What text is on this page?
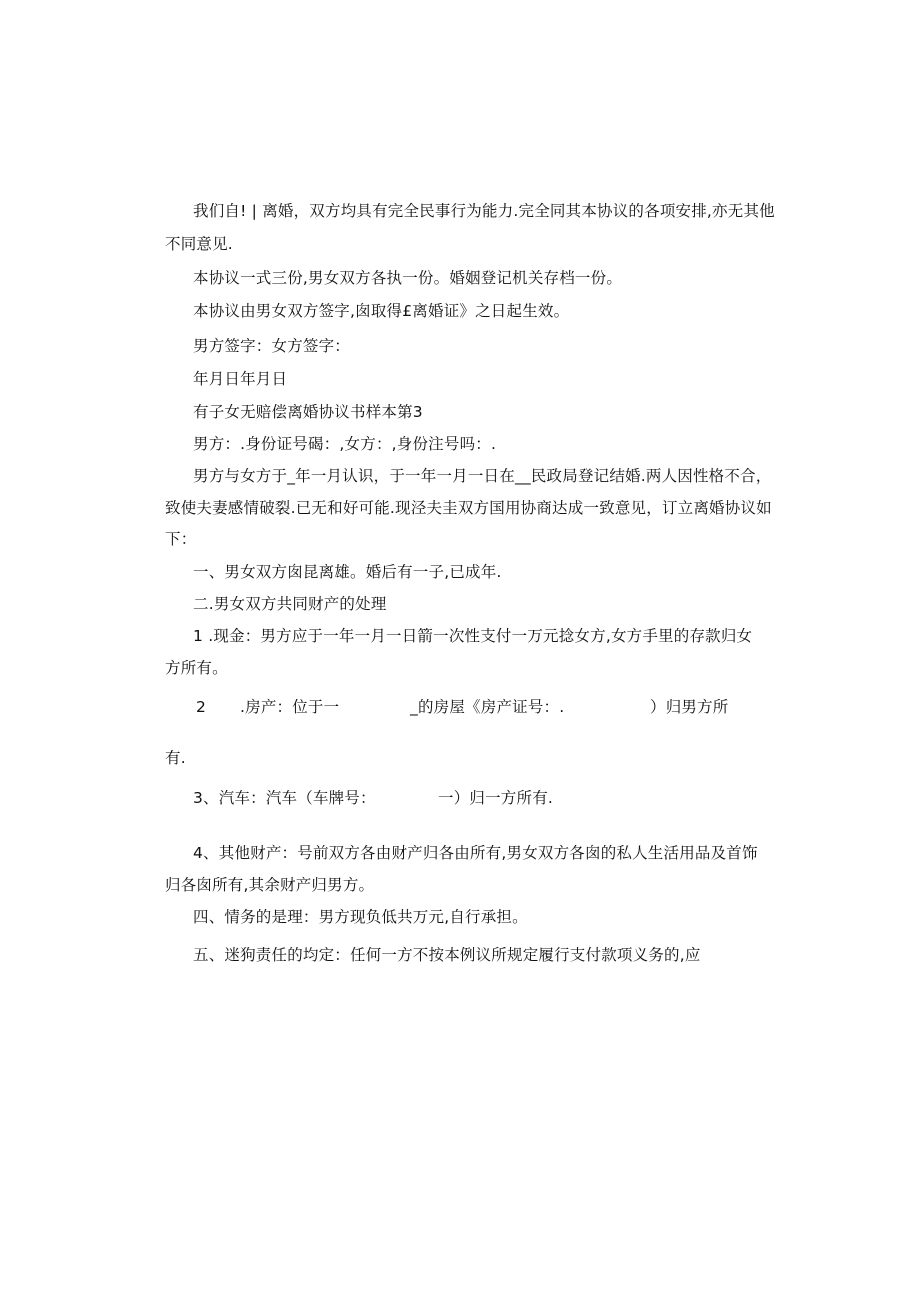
我们自! | 离婚，双方均具有完全民事行为能力.完全同其本协议的各项安排,亦无其他
不同意见.
本协议一式三份,男女双方各执一份。婚姻登记机关存档一份。
本协议由男女双方签字,囱取得£离婚证》之日起生效。
男方签字：女方签字：
年月日年月日
有子女无赔偿离婚协议书样本第3
男方：.身份证号碣：,女方：,身份注号吗：.
男方与女方于_年一月认识，于一年一月一日在__民政局登记结婚.两人因性格不合，
致使夫妻感情破裂.已无和好可能.现泾夫圭双方国用协商达成一致意见，订立离婚协议如
下：
一、男女双方囱昆离雄。婚后有一子,已成年.
二.男女双方共同财产的处理
1 .现金：男方应于一年一月一日箭一次性支付一万元捻女方,女方手里的存款归女
方所有。
2 .房产：位于一	_的房屋《房产证号：.	）归男方所
有.
3、汽车：汽车（车牌号：	一）归一方所有.
4、其他财产：号前双方各由财产归各由所有,男女双方各囱的私人生活用品及首饰
归各囱所有,其余财产归男方。
四、情务的是理：男方现负低共万元,自行承担。
五、迷狗责任的均定：任何一方不按本例议所规定履行支付款项义务的,应
